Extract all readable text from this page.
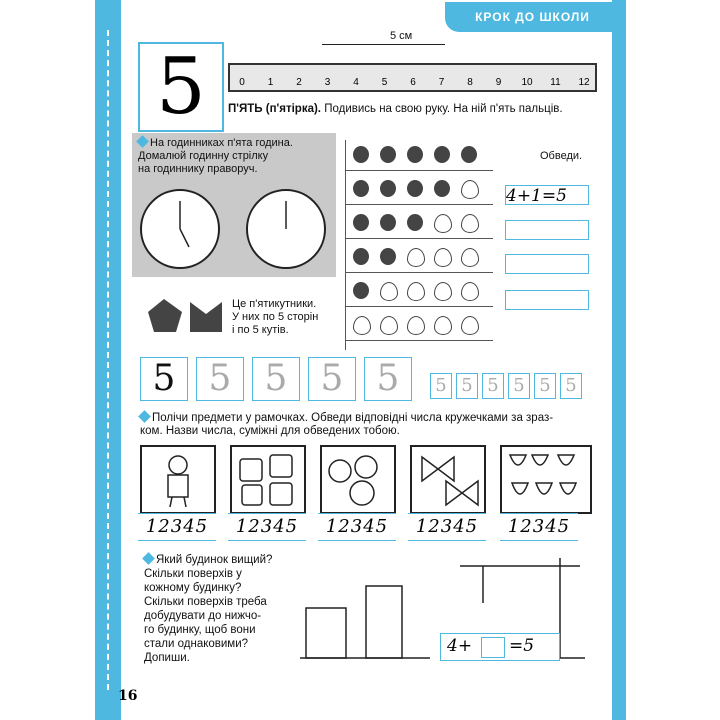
КРОК ДО ШКОЛИ
5
5 см
0 1 2 3 4 5 6 7 8 9 10 11 12
П'ЯТЬ (п'ятірка). Подивись на свою руку. На ній п'ять пальців.
На годинниках п'ята година.
Домалюй годинну стрілку
на годиннику праворуч.
Це п'ятикутники.
У них по 5 сторін
і по 5 кутів.
Обведи.
4+1=5
5 5 5 5 5	5 5 5 5 5 5
Полічи предмети у рамочках. Обведи відповідні числа кружечками за зраз-
ком. Назви числа, суміжні для обведених тобою.
12345	12345	12345	12345	12345
Який будинок вищий?
Скільки поверхів у
кожному будинку?
Скільки поверхів треба
добудувати до нижчо-
го будинку, щоб вони
стали однаковими?
Допиши.
4+ =5
16
